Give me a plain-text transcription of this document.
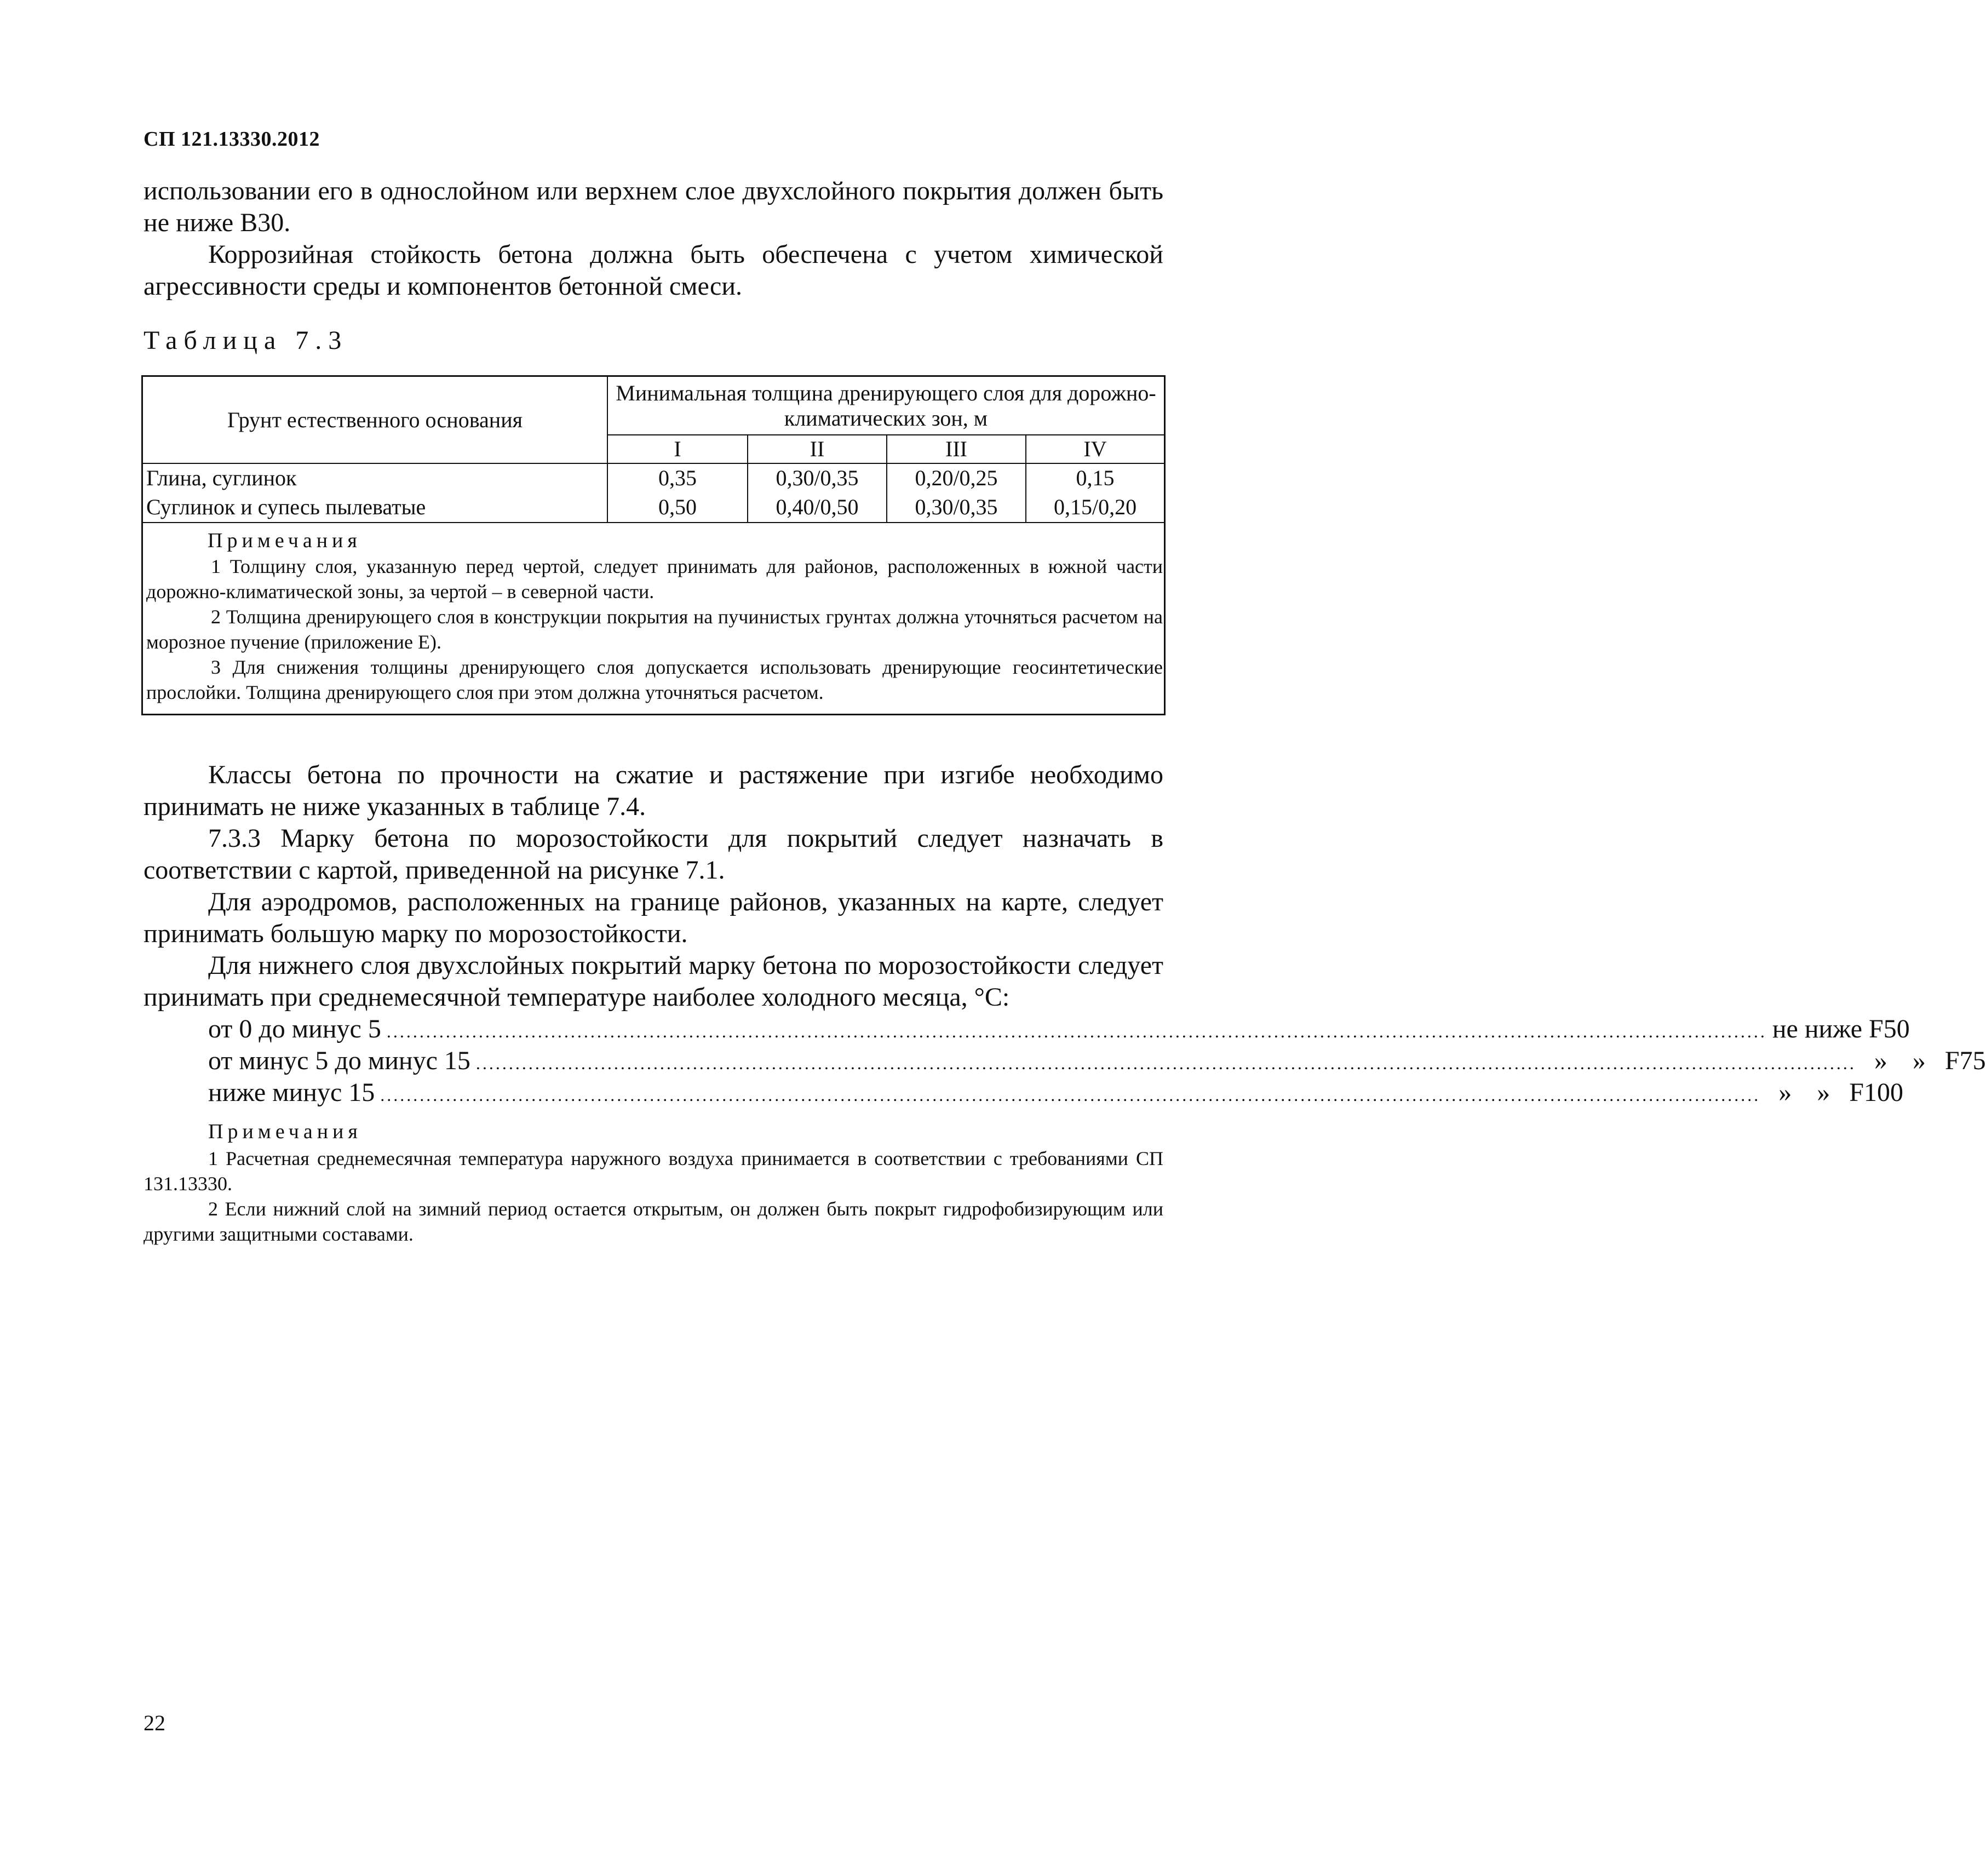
СП 121.13330.2012
использовании его в однослойном или верхнем слое двухслойного покрытия должен быть не ниже В30.
Коррозийная стойкость бетона должна быть обеспечена с учетом химической агрессивности среды и компонентов бетонной смеси.
Таблица 7.3
Грунт естественного основания	Минимальная толщина дренирующего слоя для дорожно-климатических зон, м			
	I	II	III	IV
Глина, суглинок	0,35	0,30/0,35	0,20/0,25	0,15
Суглинок и супесь пылеватые	0,50	0,40/0,50	0,30/0,35	0,15/0,20

Примечания
1 Толщину слоя, указанную перед чертой, следует принимать для районов, расположенных в южной части дорожно-климатической зоны, за чертой – в северной части.
2 Толщина дренирующего слоя в конструкции покрытия на пучинистых грунтах должна уточняться расчетом на морозное пучение (приложение Е).
3 Для снижения толщины дренирующего слоя допускается использовать дренирующие геосинтетические прослойки. Толщина дренирующего слоя при этом должна уточняться расчетом.				
Классы бетона по прочности на сжатие и растяжение при изгибе необходимо принимать не ниже указанных в таблице 7.4.
7.3.3 Марку бетона по морозостойкости для покрытий следует назначать в соответствии с картой, приведенной на рисунке 7.1.
Для аэродромов, расположенных на границе районов, указанных на карте, следует принимать большую марку по морозостойкости.
Для нижнего слоя двухслойных покрытий марку бетона по морозостойкости следует принимать при среднемесячной температуре наиболее холодного месяца, °С:
от 0 до минус 5 .................................................................................................................................................................................................................. не ниже F50
от минус 5 до минус 15 .................................................................................................................................................................................................................. » » F75
ниже минус 15 .................................................................................................................................................................................................................. » » F100
Примечания
1 Расчетная среднемесячная температура наружного воздуха принимается в соответствии с требованиями СП 131.13330.
2 Если нижний слой на зимний период остается открытым, он должен быть покрыт гидрофобизирующим или другими защитными составами.
22
